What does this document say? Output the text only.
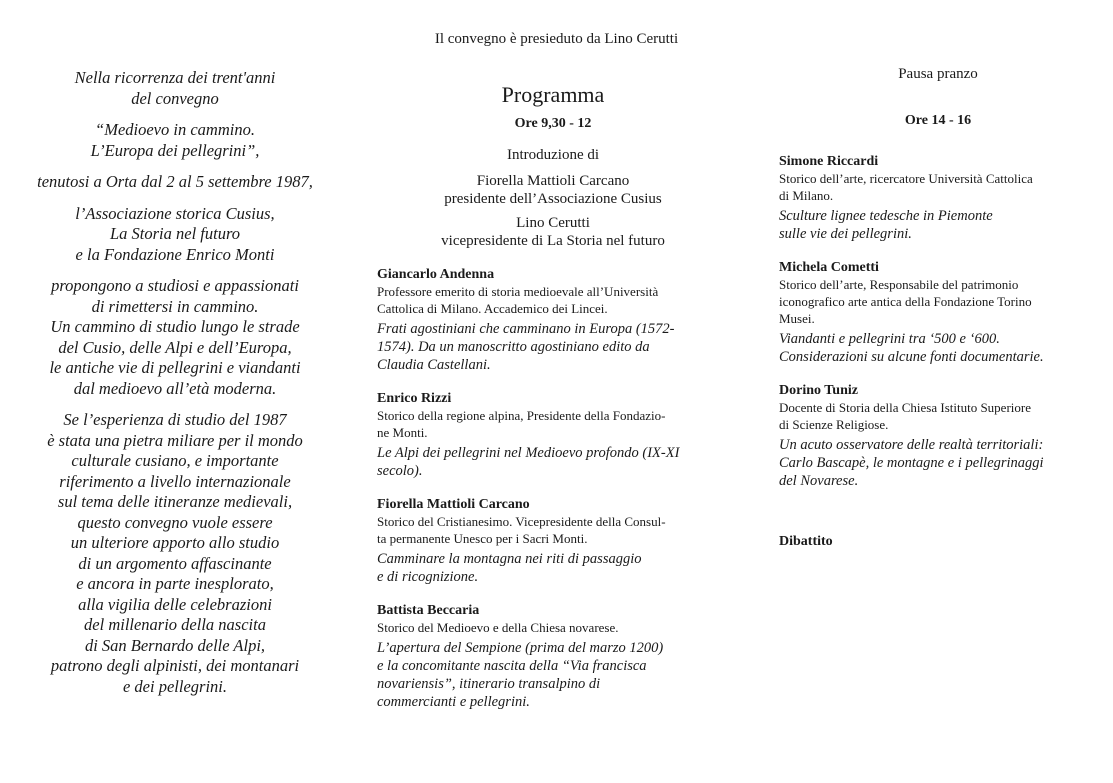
Il convegno è presieduto da Lino Cerutti

Nella ricorrenza dei trent'anni
del convegno

“Medioevo in cammino.
L’Europa dei pellegrini”,

tenutosi a Orta dal 2 al 5 settembre 1987,

l’Associazione storica Cusius,
La Storia nel futuro
e la Fondazione Enrico Monti

propongono a studiosi e appassionati
di rimettersi in cammino.
Un cammino di studio lungo le strade
del Cusio, delle Alpi e dell’Europa,
le antiche vie di pellegrini e viandanti
dal medioevo all’età moderna.

Se l’esperienza di studio del 1987
è stata una pietra miliare per il mondo
culturale cusiano, e importante
riferimento a livello internazionale
sul tema delle itineranze medievali,
questo convegno vuole essere
un ulteriore apporto allo studio
di un argomento affascinante
e ancora in parte inesplorato,
alla vigilia delle celebrazioni
del millenario della nascita
di San Bernardo delle Alpi,
patrono degli alpinisti, dei montanari
e dei pellegrini.

Programma
Ore 9,30 - 12
Introduzione di
Fiorella Mattioli Carcano
presidente dell’Associazione Cusius
Lino Cerutti
vicepresidente di La Storia nel futuro
Giancarlo Andenna
Professore emerito di storia medioevale all’Università
Cattolica di Milano. Accademico dei Lincei.
Frati agostiniani che camminano in Europa (1572-
1574). Da un manoscritto agostiniano edito da
Claudia Castellani.
Enrico Rizzi
Storico della regione alpina, Presidente della Fondazio-
ne Monti.
Le Alpi dei pellegrini nel Medioevo profondo (IX-XI
secolo).
Fiorella Mattioli Carcano
Storico del Cristianesimo. Vicepresidente della Consul-
ta permanente Unesco per i Sacri Monti.
Camminare la montagna nei riti di passaggio
e di ricognizione.
Battista Beccaria
Storico del Medioevo e della Chiesa novarese.
L’apertura del Sempione (prima del marzo 1200)
e la concomitante nascita della “Via francisca
novariensis”, itinerario transalpino di
commercianti e pellegrini.
Pausa pranzo
Ore 14 - 16
Simone Riccardi
Storico dell’arte, ricercatore Università Cattolica
di Milano.
Sculture lignee tedesche in Piemonte
sulle vie dei pellegrini.
Michela Cometti
Storico dell’arte, Responsabile del patrimonio
iconografico arte antica della Fondazione Torino
Musei.
Viandanti e pellegrini tra ‘500 e ‘600.
Considerazioni su alcune fonti documentarie.
Dorino Tuniz
Docente di Storia della Chiesa Istituto Superiore
di Scienze Religiose.
Un acuto osservatore delle realtà territoriali:
Carlo Bascapè, le montagne e i pellegrinaggi
del Novarese.
Dibattito
